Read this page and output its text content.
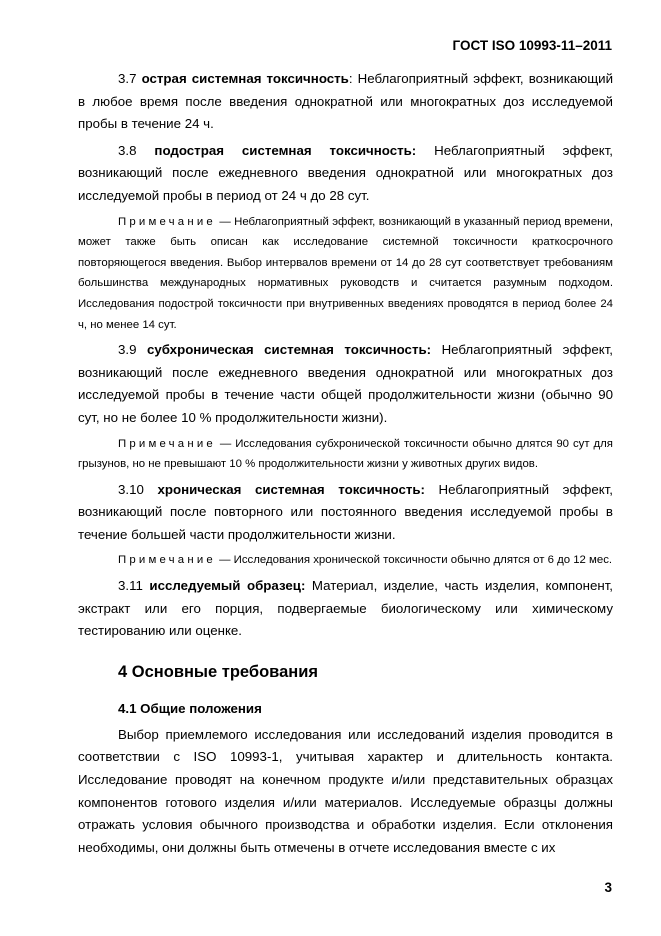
ГОСТ ISO 10993-11–2011

3.7 острая системная токсичность: Неблагоприятный эффект, возникающий в любое время после введения однократной или многократных доз исследуемой пробы в течение 24 ч.

3.8 подострая системная токсичность: Неблагоприятный эффект, возникающий после ежедневного введения однократной или многократных доз исследуемой пробы в период от 24 ч до 28 сут.

Примечание — Неблагоприятный эффект, возникающий в указанный период времени, может также быть описан как исследование системной токсичности краткосрочного повторяющегося введения. Выбор интервалов времени от 14 до 28 сут соответствует требованиям большинства международных нормативных руководств и считается разумным подходом. Исследования подострой токсичности при внутривенных введениях проводятся в период более 24 ч, но менее 14 сут.

3.9 субхроническая системная токсичность: Неблагоприятный эффект, возникающий после ежедневного введения однократной или многократных доз исследуемой пробы в течение части общей продолжительности жизни (обычно 90 сут, но не более 10 % продолжительности жизни).

Примечание — Исследования субхронической токсичности обычно длятся 90 сут для грызунов, но не превышают 10 % продолжительности жизни у животных других видов.

3.10 хроническая системная токсичность: Неблагоприятный эффект, возникающий после повторного или постоянного введения исследуемой пробы в течение большей части продолжительности жизни.

Примечание — Исследования хронической токсичности обычно длятся от 6 до 12 мес.

3.11 исследуемый образец: Материал, изделие, часть изделия, компонент, экстракт или его порция, подвергаемые биологическому или химическому тестированию или оценке.

4 Основные требования
4.1 Общие положения

Выбор приемлемого исследования или исследований изделия проводится в соответствии с ISO 10993-1, учитывая характер и длительность контакта. Исследование проводят на конечном продукте и/или представительных образцах компонентов готового изделия и/или материалов. Исследуемые образцы должны отражать условия обычного производства и обработки изделия. Если отклонения необходимы, они должны быть отмечены в отчете исследования вместе с их

3
